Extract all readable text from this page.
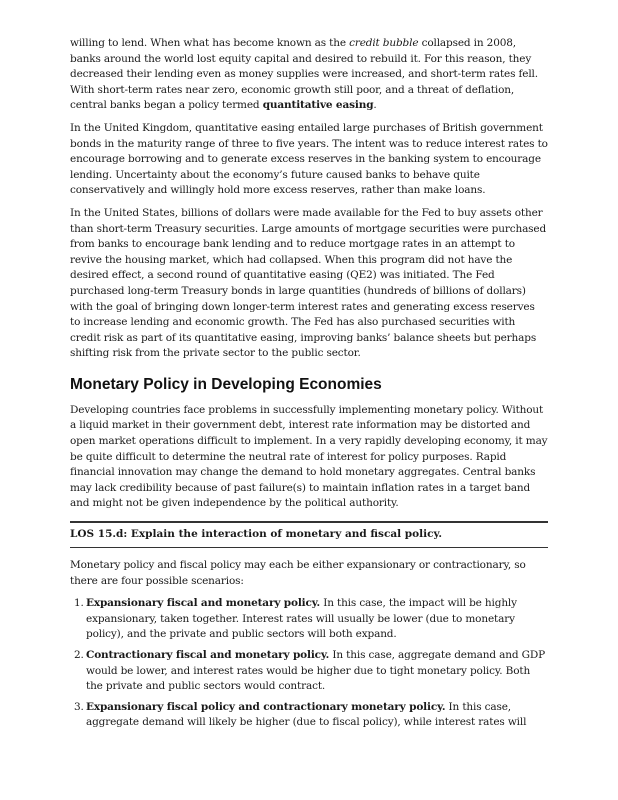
willing to lend. When what has become known as the credit bubble collapsed in 2008, banks around the world lost equity capital and desired to rebuild it. For this reason, they decreased their lending even as money supplies were increased, and short-term rates fell. With short-term rates near zero, economic growth still poor, and a threat of deflation, central banks began a policy termed quantitative easing.

In the United Kingdom, quantitative easing entailed large purchases of British government bonds in the maturity range of three to five years. The intent was to reduce interest rates to encourage borrowing and to generate excess reserves in the banking system to encourage lending. Uncertainty about the economy’s future caused banks to behave quite conservatively and willingly hold more excess reserves, rather than make loans.

In the United States, billions of dollars were made available for the Fed to buy assets other than short-term Treasury securities. Large amounts of mortgage securities were purchased from banks to encourage bank lending and to reduce mortgage rates in an attempt to revive the housing market, which had collapsed. When this program did not have the desired effect, a second round of quantitative easing (QE2) was initiated. The Fed purchased long-term Treasury bonds in large quantities (hundreds of billions of dollars) with the goal of bringing down longer-term interest rates and generating excess reserves to increase lending and economic growth. The Fed has also purchased securities with credit risk as part of its quantitative easing, improving banks’ balance sheets but perhaps shifting risk from the private sector to the public sector.

Monetary Policy in Developing Economies

Developing countries face problems in successfully implementing monetary policy. Without a liquid market in their government debt, interest rate information may be distorted and open market operations difficult to implement. In a very rapidly developing economy, it may be quite difficult to determine the neutral rate of interest for policy purposes. Rapid financial innovation may change the demand to hold monetary aggregates. Central banks may lack credibility because of past failure(s) to maintain inflation rates in a target band and might not be given independence by the political authority.

LOS 15.d: Explain the interaction of monetary and fiscal policy.

Monetary policy and fiscal policy may each be either expansionary or contractionary, so there are four possible scenarios:

1. Expansionary fiscal and monetary policy. In this case, the impact will be highly expansionary, taken together. Interest rates will usually be lower (due to monetary policy), and the private and public sectors will both expand.
2. Contractionary fiscal and monetary policy. In this case, aggregate demand and GDP would be lower, and interest rates would be higher due to tight monetary policy. Both the private and public sectors would contract.
3. Expansionary fiscal policy and contractionary monetary policy. In this case, aggregate demand will likely be higher (due to fiscal policy), while interest rates will
